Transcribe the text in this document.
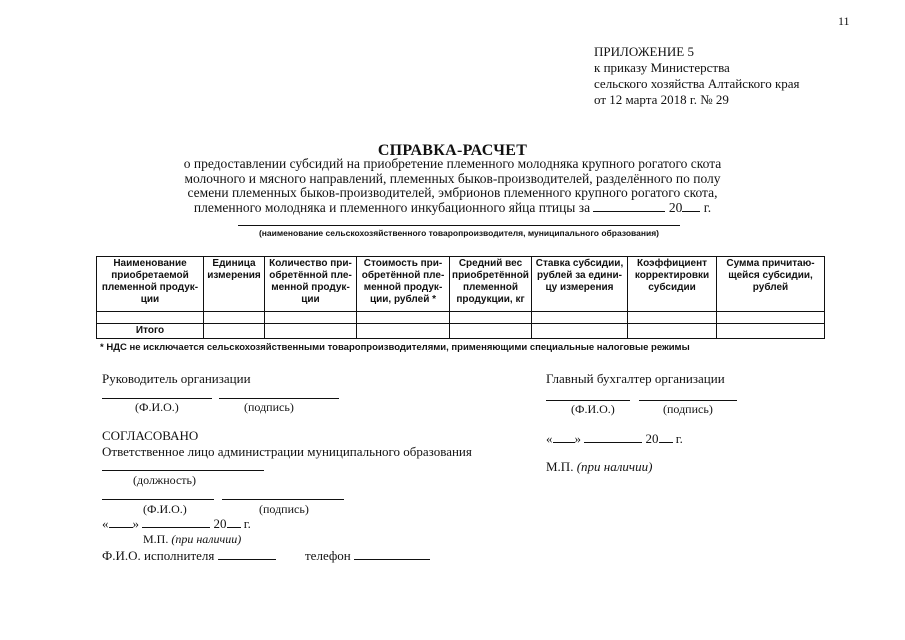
11
ПРИЛОЖЕНИЕ 5
к приказу Министерства
сельского хозяйства Алтайского края
от 12 марта 2018 г. № 29
СПРАВКА-РАСЧЕТ
о предоставлении субсидий на приобретение племенного молодняка крупного рогатого скота
молочного и мясного направлений, племенных быков-производителей, разделённого по полу
семени племенных быков-производителей, эмбрионов племенного крупного рогатого скота,
племенного молодняка и племенного инкубационного яйца птицы за	20 г.
(наименование сельскохозяйственного товаропроизводителя, муниципального образования)
Наименование приобретаемой племенной продук-ции	Единица измерения	Количество при-обретённой пле-менной продук-ции	Стоимость при-обретённой пле-менной продук-ции, рублей *	Средний вес приобретённой племенной продукции, кг	Ставка субсидии, рублей за едини-цу измерения	Коэффициент корректировки субсидии	Сумма причитаю-щейся субсидии, рублей

Итого							
* НДС не исключается сельскохозяйственными товаропроизводителями, применяющими специальные налоговые режимы
Руководитель организации
(Ф.И.О.)	(подпись)
Главный бухгалтер организации
(Ф.И.О.)	(подпись)
« »	20 г.
М.П. (при наличии)
СОГЛАСОВАНО
Ответственное лицо администрации муниципального образования
(должность)
(Ф.И.О.)	(подпись)
« »	20 г.
М.П. (при наличии)
Ф.И.О. исполнителя	телефон
